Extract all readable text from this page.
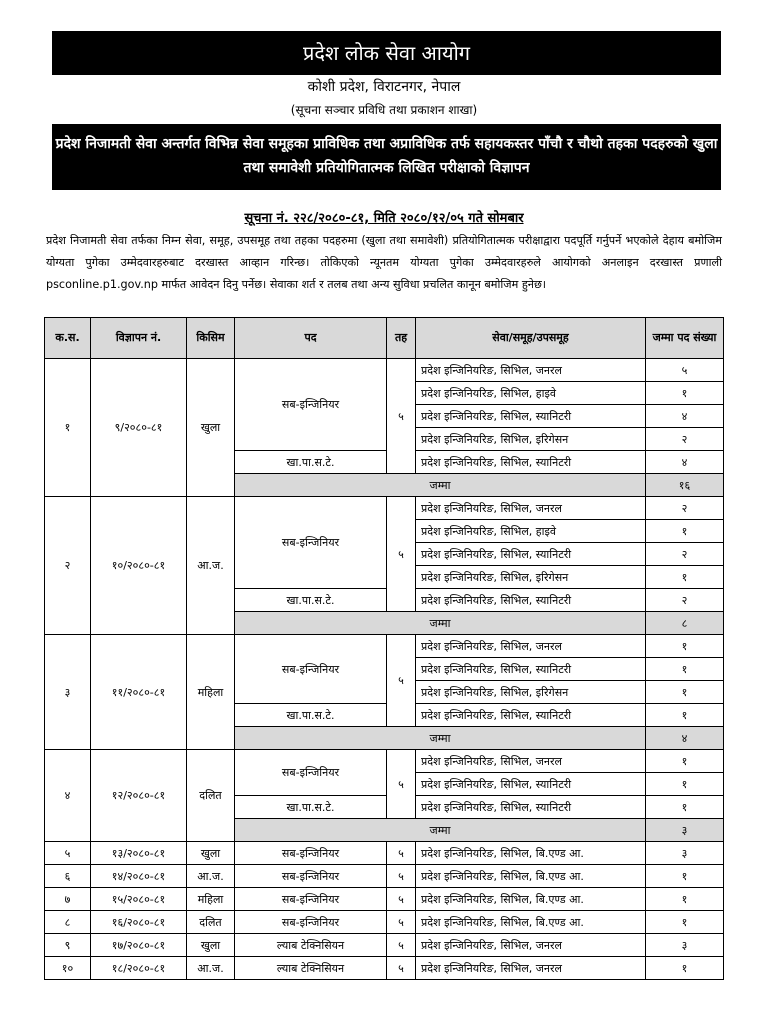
प्रदेश लोक सेवा आयोग
कोशी प्रदेश, विराटनगर, नेपाल
(सूचना सञ्चार प्रविधि तथा प्रकाशन शाखा)
प्रदेश निजामती सेवा अन्तर्गत विभिन्न सेवा समूहका प्राविधिक तथा अप्राविधिक तर्फ सहायकस्तर पाँचौ र चौथो तहका पदहरुको खुला तथा समावेशी प्रतियोगितात्मक लिखित परीक्षाको विज्ञापन
सूचना नं. २२८/२०८०-८१, मिति २०८०/१२/०५ गते सोमबार
प्रदेश निजामती सेवा तर्फका निम्न सेवा, समूह, उपसमूह तथा तहका पदहरुमा (खुला तथा समावेशी) प्रतियोगितात्मक परीक्षाद्वारा पदपूर्ति गर्नुपर्ने भएकोले देहाय बमोजिम योग्यता पुगेका उम्मेदवारहरुबाट दरखास्त आव्हान गरिन्छ। तोकिएको न्यूनतम योग्यता पुगेका उम्मेदवारहरुले आयोगको अनलाइन दरखास्त प्रणाली psconline.p1.gov.np मार्फत आवेदन दिनु पर्नेछ। सेवाका शर्त र तलब तथा अन्य सुविधा प्रचलित कानून बमोजिम हुनेछ।
क.स.	विज्ञापन नं.	किसिम	पद	तह	सेवा/समूह/उपसमूह	जम्मा पद संख्या
१	९/२०८०-८१	खुला	सब-इन्जिनियर	५	प्रदेश इन्जिनियरिङ, सिभिल, जनरल	५
					प्रदेश इन्जिनियरिङ, सिभिल, हाइवे	१
					प्रदेश इन्जिनियरिङ, सिभिल, स्यानिटरी	४
					प्रदेश इन्जिनियरिङ, सिभिल, इरिगेसन	२
			खा.पा.स.टे.		प्रदेश इन्जिनियरिङ, सिभिल, स्यानिटरी	४
			जम्मा			१६
२	१०/२०८०-८१	आ.ज.	सब-इन्जिनियर	५	प्रदेश इन्जिनियरिङ, सिभिल, जनरल	२
					प्रदेश इन्जिनियरिङ, सिभिल, हाइवे	१
					प्रदेश इन्जिनियरिङ, सिभिल, स्यानिटरी	२
					प्रदेश इन्जिनियरिङ, सिभिल, इरिगेसन	१
			खा.पा.स.टे.		प्रदेश इन्जिनियरिङ, सिभिल, स्यानिटरी	२
			जम्मा			८
३	११/२०८०-८१	महिला	सब-इन्जिनियर	५	प्रदेश इन्जिनियरिङ, सिभिल, जनरल	१
					प्रदेश इन्जिनियरिङ, सिभिल, स्यानिटरी	१
					प्रदेश इन्जिनियरिङ, सिभिल, इरिगेसन	१
			खा.पा.स.टे.		प्रदेश इन्जिनियरिङ, सिभिल, स्यानिटरी	१
			जम्मा			४
४	१२/२०८०-८१	दलित	सब-इन्जिनियर	५	प्रदेश इन्जिनियरिङ, सिभिल, जनरल	१
					प्रदेश इन्जिनियरिङ, सिभिल, स्यानिटरी	१
			खा.पा.स.टे.		प्रदेश इन्जिनियरिङ, सिभिल, स्यानिटरी	१
			जम्मा			३
५	१३/२०८०-८१	खुला	सब-इन्जिनियर	५	प्रदेश इन्जिनियरिङ, सिभिल, बि.एण्ड आ.	३
६	१४/२०८०-८१	आ.ज.	सब-इन्जिनियर	५	प्रदेश इन्जिनियरिङ, सिभिल, बि.एण्ड आ.	१
७	१५/२०८०-८१	महिला	सब-इन्जिनियर	५	प्रदेश इन्जिनियरिङ, सिभिल, बि.एण्ड आ.	१
८	१६/२०८०-८१	दलित	सब-इन्जिनियर	५	प्रदेश इन्जिनियरिङ, सिभिल, बि.एण्ड आ.	१
९	१७/२०८०-८१	खुला	ल्याब टेक्निसियन	५	प्रदेश इन्जिनियरिङ, सिभिल, जनरल	३
१०	१८/२०८०-८१	आ.ज.	ल्याब टेक्निसियन	५	प्रदेश इन्जिनियरिङ, सिभिल, जनरल	१
